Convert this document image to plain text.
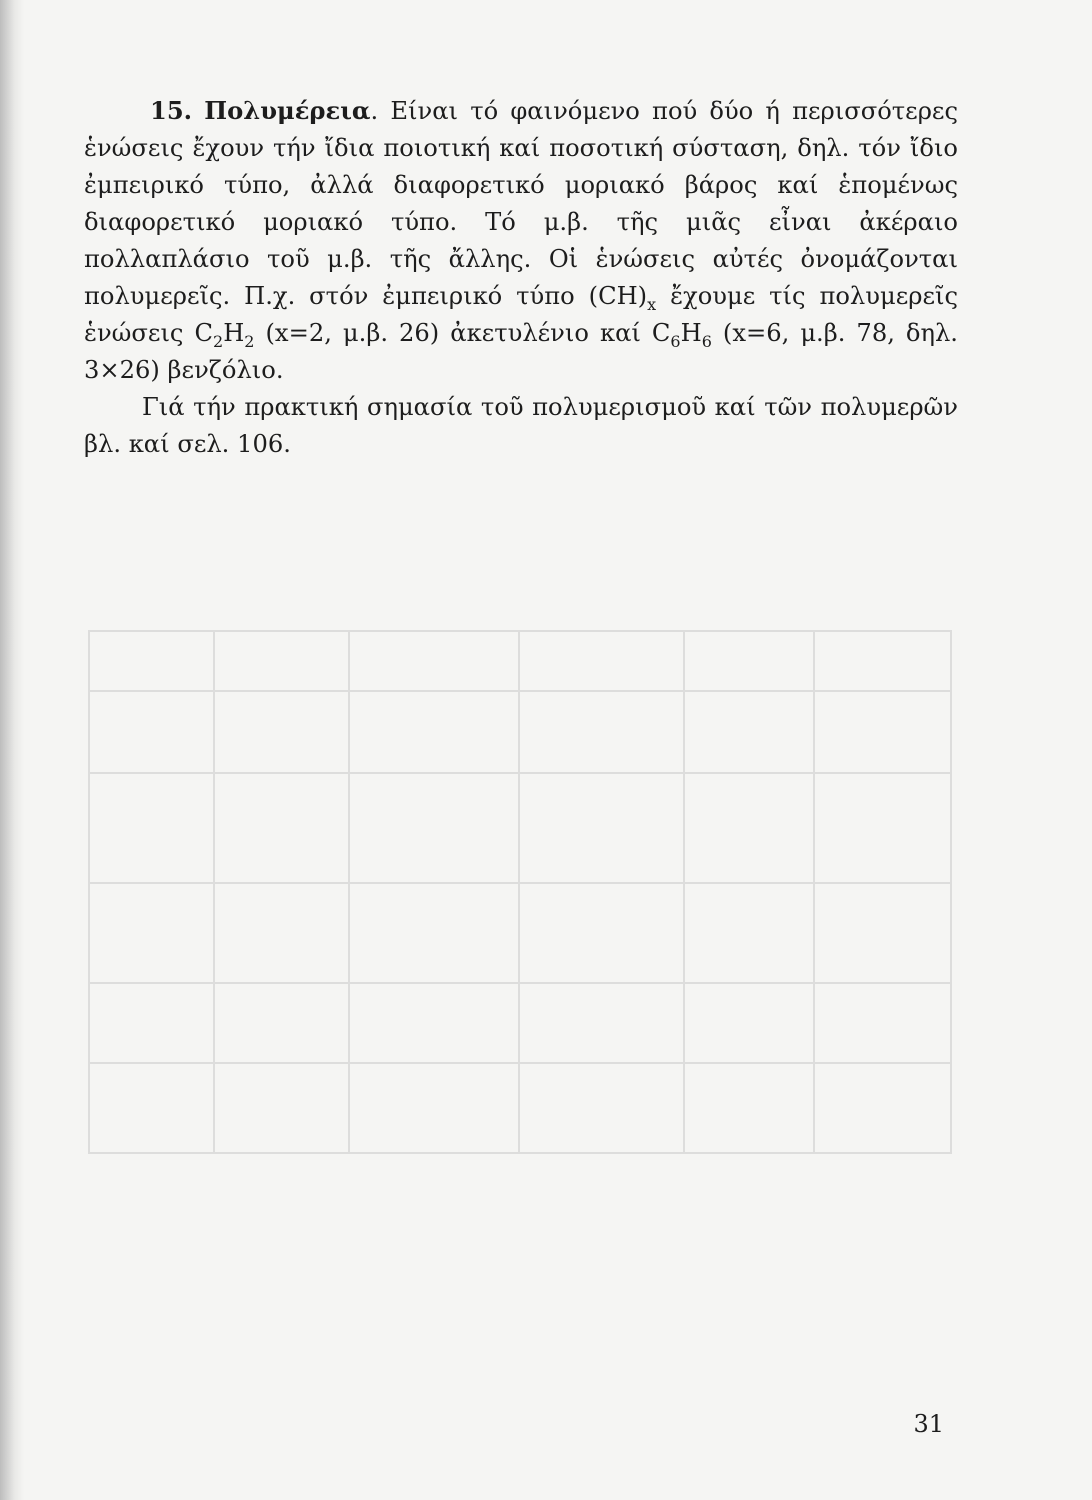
15. Πολυμέρεια. Είναι τό φαινόμενο πού δύο ή περισσότερες ἑνώσεις ἔχουν τήν ἴδια ποιοτική καί ποσοτική σύσταση, δηλ. τόν ἴδιο ἐμπειρικό τύπο, ἀλλά διαφορετικό μοριακό βάρος καί ἑπομένως διαφορετικό μοριακό τύπο. Τό μ.β. τῆς μιᾶς εἶναι ἀκέραιο πολλαπλάσιο τοῦ μ.β. τῆς ἄλλης. Οἱ ἑνώσεις αὐτές ὀνομάζονται πολυμερεῖς. Π.χ. στόν ἐμπειρικό τύπο $(CH)_x$ ἔχουμε τίς πολυμερεῖς ἑνώσεις $C_2H_2$ (x=2, μ.β. 26) ἀκετυλένιο καί $C_6H_6$ (x=6, μ.β. 78, δηλ. 3×26) βενζόλιο.

Γιά τήν πρακτική σημασία τοῦ πολυμερισμοῦ καί τῶν πολυμερῶν βλ. καί σελ. 106.

31
